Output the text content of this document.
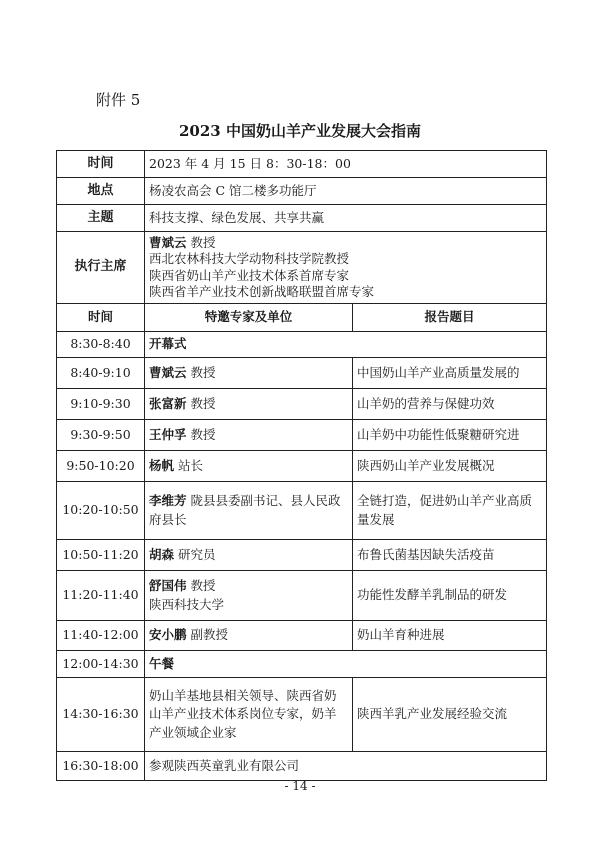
附件 5
2023 中国奶山羊产业发展大会指南
时间	2023 年 4 月 15 日 8：30-18：00	
地点	杨凌农高会 C 馆二楼多功能厅	
主题	科技支撑、绿色发展、共享共赢	
执行主席	曹斌云 教授
西北农林科技大学动物科技学院教授
陕西省奶山羊产业技术体系首席专家
陕西省羊产业技术创新战略联盟首席专家	

时间	特邀专家及单位	报告题目
8:30-8:40	开幕式	
8:40-9:10	曹斌云 教授	中国奶山羊产业高质量发展的
9:10-9:30	张富新 教授	山羊奶的营养与保健功效
9:30-9:50	王仲孚 教授	山羊奶中功能性低聚糖研究进
9:50-10:20	杨帆 站长	陕西奶山羊产业发展概况
10:20-10:50	李维芳 陇县县委副书记、县人民政府县长	全链打造，促进奶山羊产业高质量发展
10:50-11:20	胡森 研究员	布鲁氏菌基因缺失活疫苗
11:20-11:40	舒国伟 教授
陕西科技大学	功能性发酵羊乳制品的研发
11:40-12:00	安小鹏 副教授	奶山羊育种进展
12:00-14:30	午餐	
14:30-16:30	奶山羊基地县相关领导、陕西省奶山羊产业技术体系岗位专家，奶羊产业领域企业家	陕西羊乳产业发展经验交流
16:30-18:00	参观陕西英童乳业有限公司	
- 14 -
